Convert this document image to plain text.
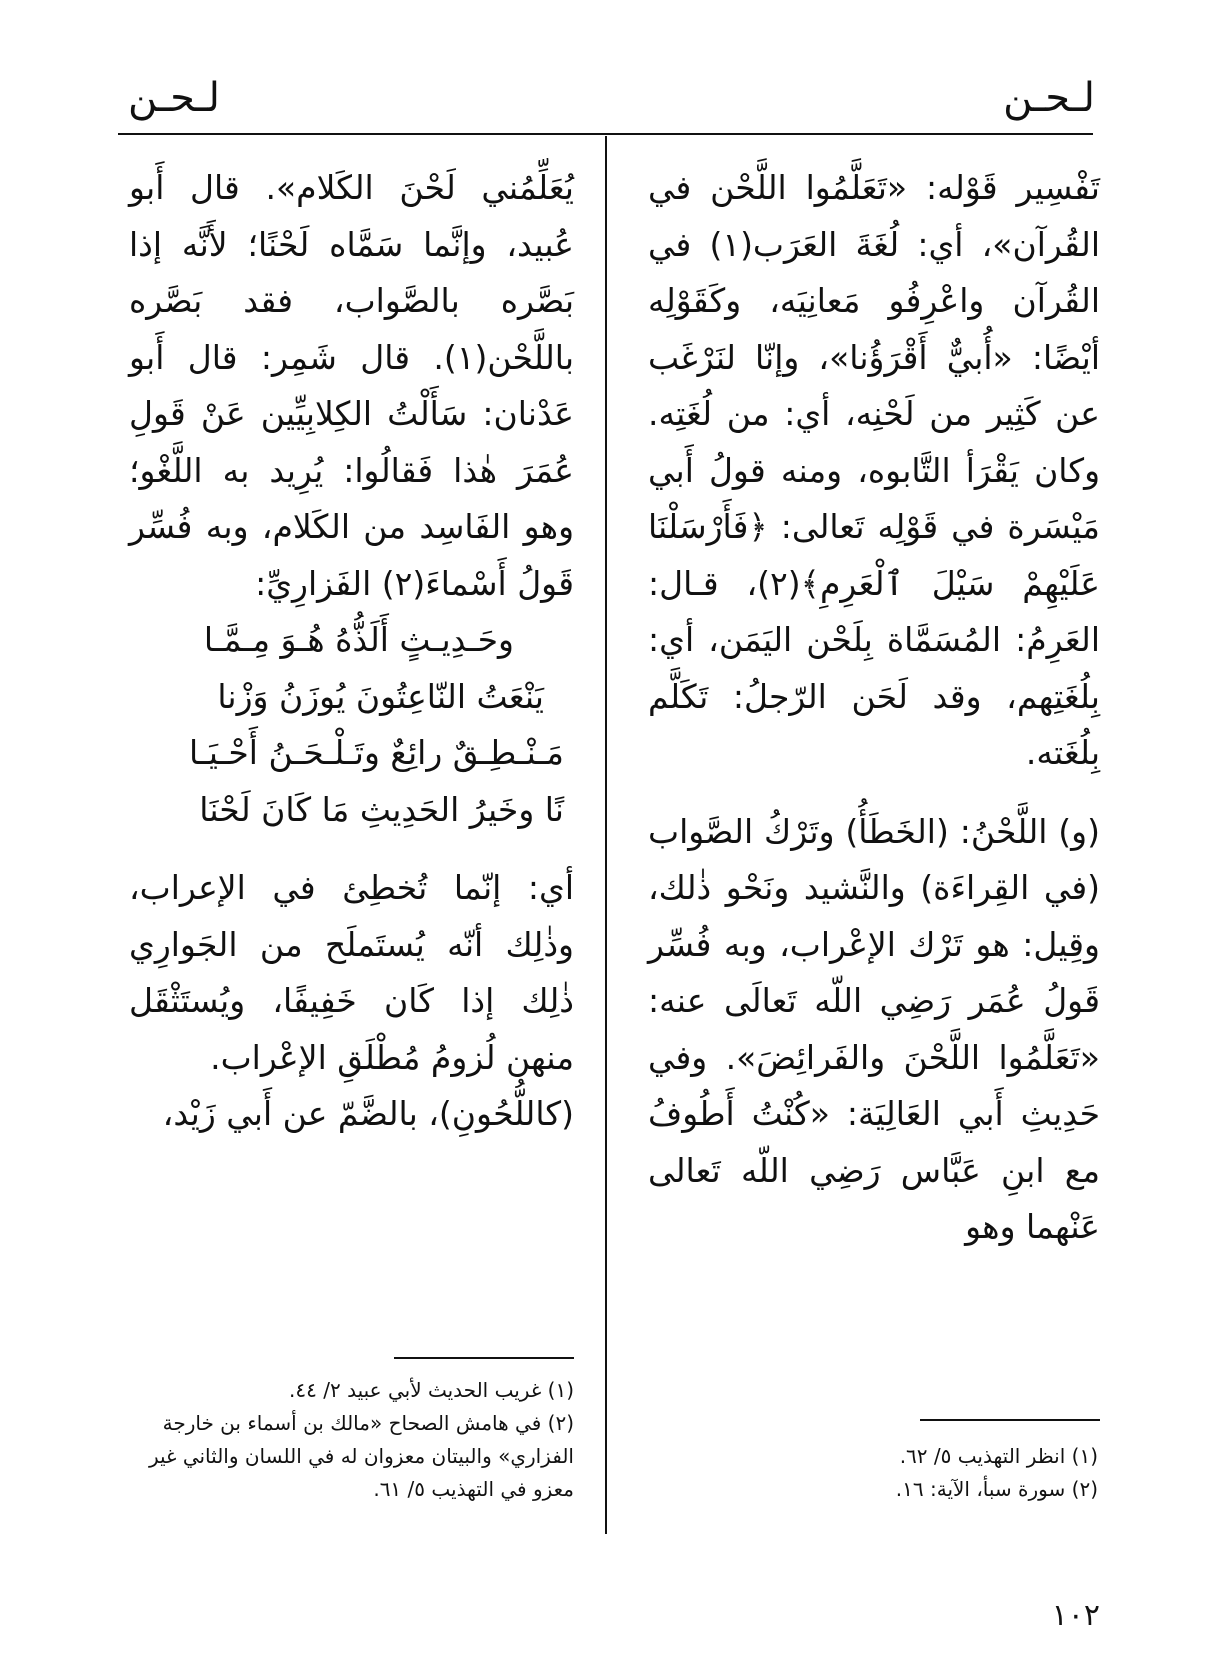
لـحـن
لـحـن

تَفْسِير قَوْله: «تَعَلَّمُوا اللَّحْن في القُرآن»، أي: لُغَةَ العَرَب(١) في القُرآن واعْرِفُو مَعانِيَه، وكَقَوْلِه أيْضًا: «أُبيٌّ أَقْرَؤُنا»، وإنّا لنَرْغَب عن كَثِير من لَحْنِه، أي: من لُغَتِه. وكان يَقْرَأ التَّابوه، ومنه قولُ أَبي مَيْسَرة في قَوْلِه تَعالى: ﴿فَأَرْسَلْنَا عَلَيْهِمْ سَيْلَ ٱلْعَرِمِ﴾(٢)، قـال: العَرِمُ: المُسَمَّاة بِلَحْن اليَمَن، أي: بِلُغَتِهم، وقد لَحَن الرّجلُ: تَكَلَّم بِلُغَته.

(و) اللَّحْنُ: (الخَطَأُ) وتَرْكُ الصَّواب (في القِراءَة) والنَّشيد ونَحْو ذٰلك، وقِيل: هو تَرْك الإعْراب، وبه فُسِّر قَولُ عُمَر رَضِي اللّه تَعالَى عنه: «تَعَلَّمُوا اللَّحْنَ والفَرائِضَ». وفي حَدِيثِ أَبي العَالِيَة: «كُنْتُ أَطُوفُ مع ابنِ عَبَّاس رَضِي اللّه تَعالى عَنْهما وهو

يُعَلِّمُني لَحْنَ الكَلام». قال أَبو عُبيد، وإنَّما سَمَّاه لَحْنًا؛ لأَنَّه إذا بَصَّره بالصَّواب، فقد بَصَّره باللَّحْن(١). قال شَمِر: قال أَبو عَدْنان: سَأَلْتُ الكِلابِيِّين عَنْ قَولِ عُمَرَ هٰذا فَقالُوا: يُرِيد به اللَّغْو؛ وهو الفَاسِد من الكَلام، وبه فُسِّر قَولُ أَسْماءَ(٢) الفَزارِيِّ:

وحَـدِيـثٍ أَلَذُّهُ هُـوَ مِـمَّـا
يَنْعَتُ النّاعِتُونَ يُوزَنُ وَزْنا
مَـنْـطِـقٌ رائِعٌ وتَـلْـحَـنُ أَحْـيَـا
نًا وخَيرُ الحَدِيثِ مَا كَانَ لَحْنَا

أي: إنّما تُخطِئ في الإعراب، وذٰلِك أنّه يُستَملَح من الجَوارِي ذٰلِك إذا كَان خَفِيفًا، ويُستَثْقَل منهن لُزومُ مُطْلَقِ الإعْراب.

(كاللُّحُونِ)، بالضَّمّ عن أَبي زَيْد،

(١) انظر التهذيب ٥/ ٦٢.

(٢) سورة سبأ، الآية: ١٦.

(١) غريب الحديث لأبي عبيد ٢/ ٤٤.

(٢) في هامش الصحاح «مالك بن أسماء بن خارجة الفزاري» والبيتان معزوان له في اللسان والثاني غير معزو في التهذيب ٥/ ٦١.

١٠٢
